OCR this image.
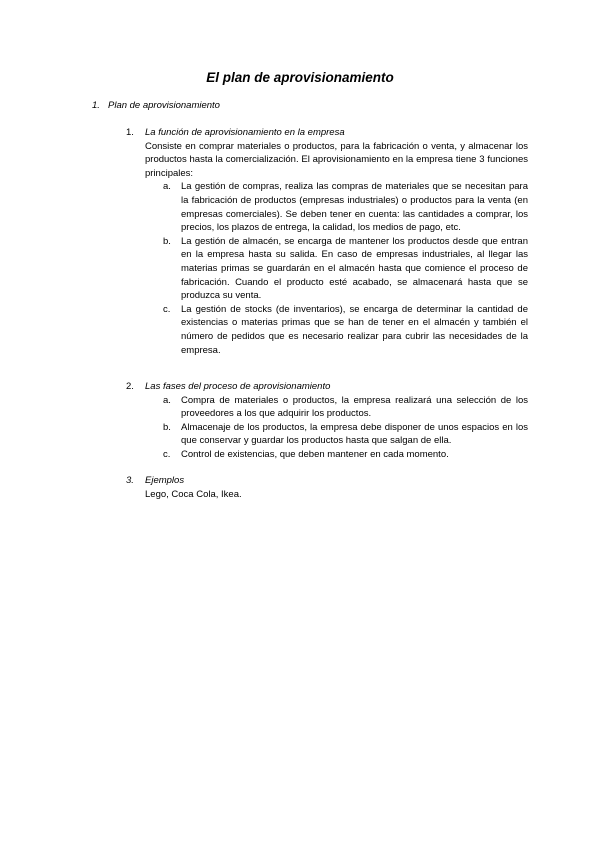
El plan de aprovisionamiento
1. Plan de aprovisionamiento
1. La función de aprovisionamiento en la empresa
Consiste en comprar materiales o productos, para la fabricación o venta, y almacenar los productos hasta la comercialización. El aprovisionamiento en la empresa tiene 3 funciones principales:
a. La gestión de compras, realiza las compras de materiales que se necesitan para la fabricación de productos (empresas industriales) o productos para la venta (en empresas comerciales). Se deben tener en cuenta: las cantidades a comprar, los precios, los plazos de entrega, la calidad, los medios de pago, etc.
b. La gestión de almacén, se encarga de mantener los productos desde que entran en la empresa hasta su salida. En caso de empresas industriales, al llegar las materias primas se guardarán en el almacén hasta que comience el proceso de fabricación. Cuando el producto esté acabado, se almacenará hasta que se produzca su venta.
c. La gestión de stocks (de inventarios), se encarga de determinar la cantidad de existencias o materias primas que se han de tener en el almacén y también el número de pedidos que es necesario realizar para cubrir las necesidades de la empresa.
2. Las fases del proceso de aprovisionamiento
a. Compra de materiales o productos, la empresa realizará una selección de los proveedores a los que adquirir los productos.
b. Almacenaje de los productos, la empresa debe disponer de unos espacios en los que conservar y guardar los productos hasta que salgan de ella.
c. Control de existencias, que deben mantener en cada momento.
3. Ejemplos
Lego, Coca Cola, Ikea.
